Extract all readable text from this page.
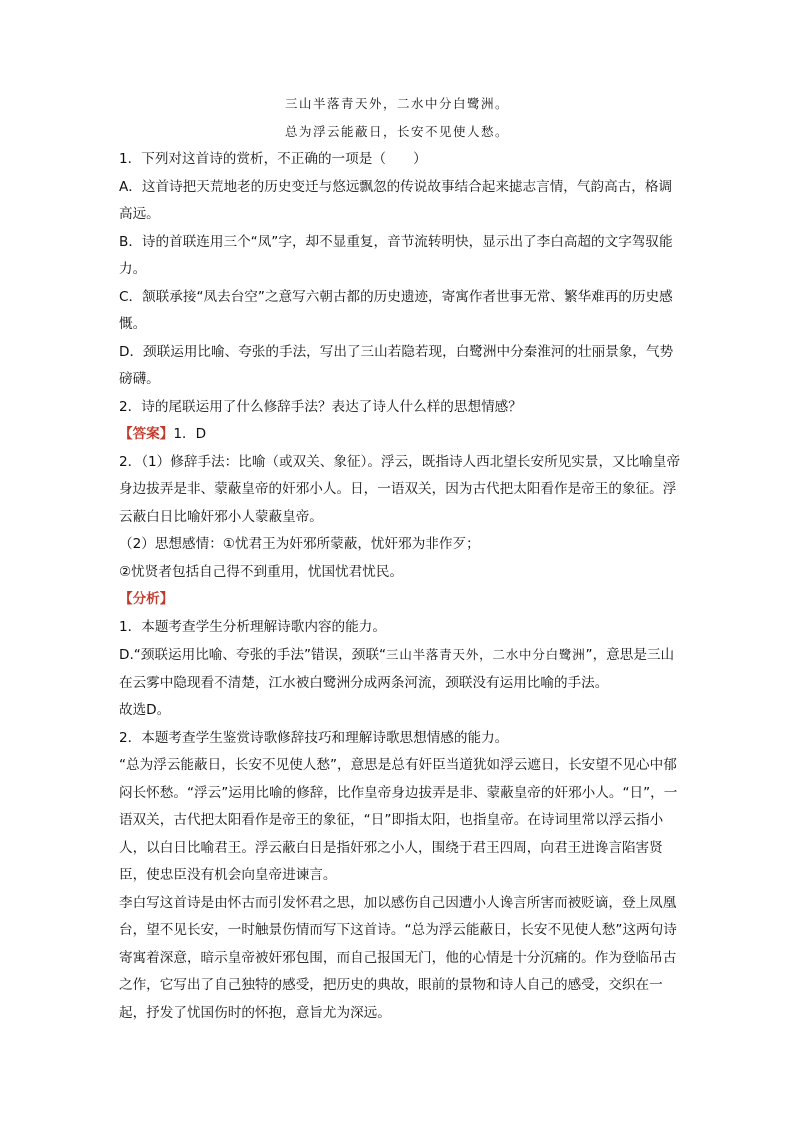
三山半落青天外，二水中分白鹭洲。
总为浮云能蔽日，长安不见使人愁。

1．下列对这首诗的赏析，不正确的一项是（　　）

A．这首诗把天荒地老的历史变迁与悠远飘忽的传说故事结合起来摅志言情，气韵高古，格调高远。

B．诗的首联连用三个“凤”字，却不显重复，音节流转明快，显示出了李白高超的文字驾驭能力。

C．颔联承接“凤去台空”之意写六朝古都的历史遗迹，寄寓作者世事无常、繁华难再的历史感慨。

D．颈联运用比喻、夸张的手法，写出了三山若隐若现，白鹭洲中分秦淮河的壮丽景象，气势磅礴。

2．诗的尾联运用了什么修辞手法？表达了诗人什么样的思想情感？

【答案】1．D

2．（1）修辞手法：比喻（或双关、象征）。浮云，既指诗人西北望长安所见实景，又比喻皇帝身边拔弄是非、蒙蔽皇帝的奸邪小人。日，一语双关，因为古代把太阳看作是帝王的象征。浮云蔽白日比喻奸邪小人蒙蔽皇帝。

（2）思想感情：①忧君王为奸邪所蒙蔽，忧奸邪为非作歹；

②忧贤者包括自己得不到重用，忧国忧君忧民。

【分析】

1．本题考查学生分析理解诗歌内容的能力。

D.“颈联运用比喻、夸张的手法”错误，颈联“三山半落青天外，二水中分白鹭洲”，意思是三山在云雾中隐现看不清楚，江水被白鹭洲分成两条河流，颈联没有运用比喻的手法。

故选D。

2．本题考查学生鉴赏诗歌修辞技巧和理解诗歌思想情感的能力。

“总为浮云能蔽日，长安不见使人愁”，意思是总有奸臣当道犹如浮云遮日，长安望不见心中郁闷长怀愁。“浮云”运用比喻的修辞，比作皇帝身边拔弄是非、蒙蔽皇帝的奸邪小人。“日”，一语双关，古代把太阳看作是帝王的象征，“日”即指太阳，也指皇帝。在诗词里常以浮云指小人，以白日比喻君王。浮云蔽白日是指奸邪之小人，围绕于君王四周，向君王进谗言陷害贤臣，使忠臣没有机会向皇帝进谏言。

李白写这首诗是由怀古而引发怀君之思，加以感伤自己因遭小人谗言所害而被贬谪，登上凤凰台，望不见长安，一时触景伤情而写下这首诗。“总为浮云能蔽日，长安不见使人愁”这两句诗寄寓着深意，暗示皇帝被奸邪包围，而自己报国无门，他的心情是十分沉痛的。作为登临吊古之作，它写出了自己独特的感受，把历史的典故，眼前的景物和诗人自己的感受，交织在一起，抒发了忧国伤时的怀抱，意旨尤为深远。
